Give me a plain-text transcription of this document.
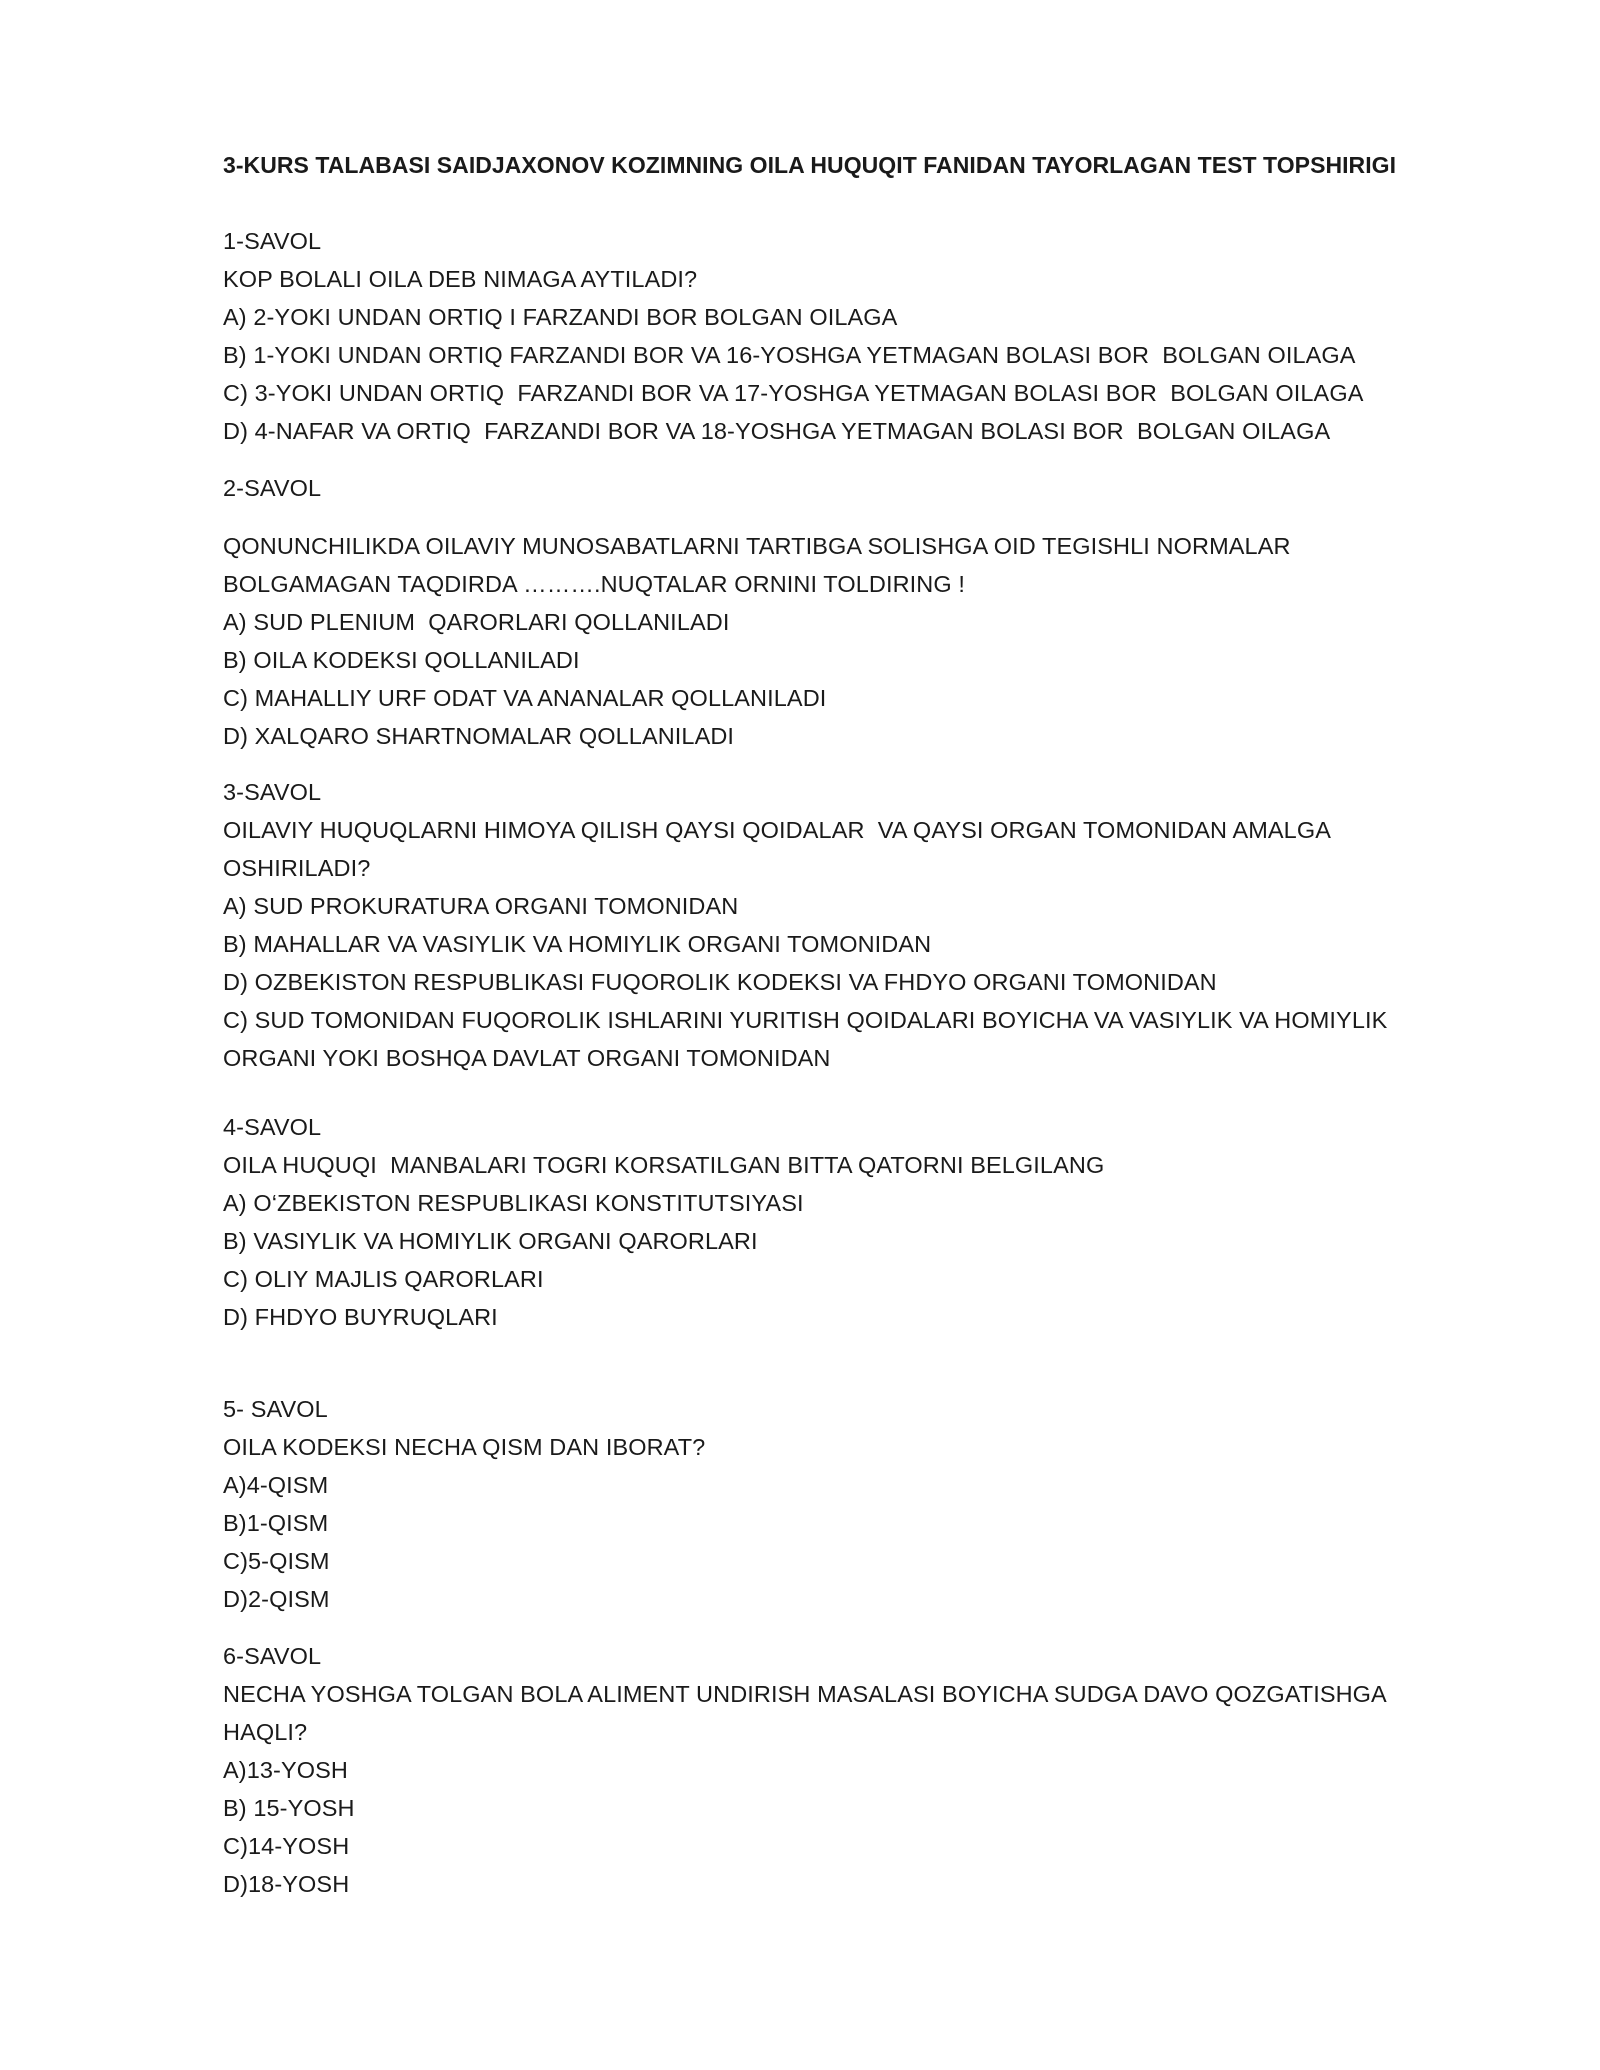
3-KURS TALABASI SAIDJAXONOV KOZIMNING OILA HUQUQIT FANIDAN TAYORLAGAN TEST TOPSHIRIGI
1-SAVOL
KOP BOLALI OILA DEB NIMAGA AYTILADI?
A) 2-YOKI UNDAN ORTIQ I FARZANDI BOR BOLGAN OILAGA
B) 1-YOKI UNDAN ORTIQ FARZANDI BOR VA 16-YOSHGA YETMAGAN BOLASI BOR  BOLGAN OILAGA
C) 3-YOKI UNDAN ORTIQ  FARZANDI BOR VA 17-YOSHGA YETMAGAN BOLASI BOR  BOLGAN OILAGA
D) 4-NAFAR VA ORTIQ  FARZANDI BOR VA 18-YOSHGA YETMAGAN BOLASI BOR  BOLGAN OILAGA
2-SAVOL
QONUNCHILIKDA OILAVIY MUNOSABATLARNI TARTIBGA SOLISHGA OID TEGISHLI NORMALAR
BOLGAMAGAN TAQDIRDA ……….NUQTALAR ORNINI TOLDIRING !
A) SUD PLENIUM  QARORLARI QOLLANILADI
B) OILA KODEKSI QOLLANILADI
C) MAHALLIY URF ODAT VA ANANALAR QOLLANILADI
D) XALQARO SHARTNOMALAR QOLLANILADI
3-SAVOL
OILAVIY HUQUQLARNI HIMOYA QILISH QAYSI QOIDALAR  VA QAYSI ORGAN TOMONIDAN AMALGA
OSHIRILADI?
A) SUD PROKURATURA ORGANI TOMONIDAN
B) MAHALLAR VA VASIYLIK VA HOMIYLIK ORGANI TOMONIDAN
D) OZBEKISTON RESPUBLIKASI FUQOROLIK KODEKSI VA FHDYO ORGANI TOMONIDAN
C) SUD TOMONIDAN FUQOROLIK ISHLARINI YURITISH QOIDALARI BOYICHA VA VASIYLIK VA HOMIYLIK
ORGANI YOKI BOSHQA DAVLAT ORGANI TOMONIDAN
4-SAVOL
OILA HUQUQI  MANBALARI TOGRI KORSATILGAN BITTA QATORNI BELGILANG
A) O‘ZBEKISTON RESPUBLIKASI KONSTITUTSIYASI
B) VASIYLIK VA HOMIYLIK ORGANI QARORLARI
C) OLIY MAJLIS QARORLARI
D) FHDYO BUYRUQLARI
5- SAVOL
OILA KODEKSI NECHA QISM DAN IBORAT?
A)4-QISM
B)1-QISM
C)5-QISM
D)2-QISM
6-SAVOL
NECHA YOSHGA TOLGAN BOLA ALIMENT UNDIRISH MASALASI BOYICHA SUDGA DAVO QOZGATISHGA
HAQLI?
A)13-YOSH
B) 15-YOSH
C)14-YOSH
D)18-YOSH
